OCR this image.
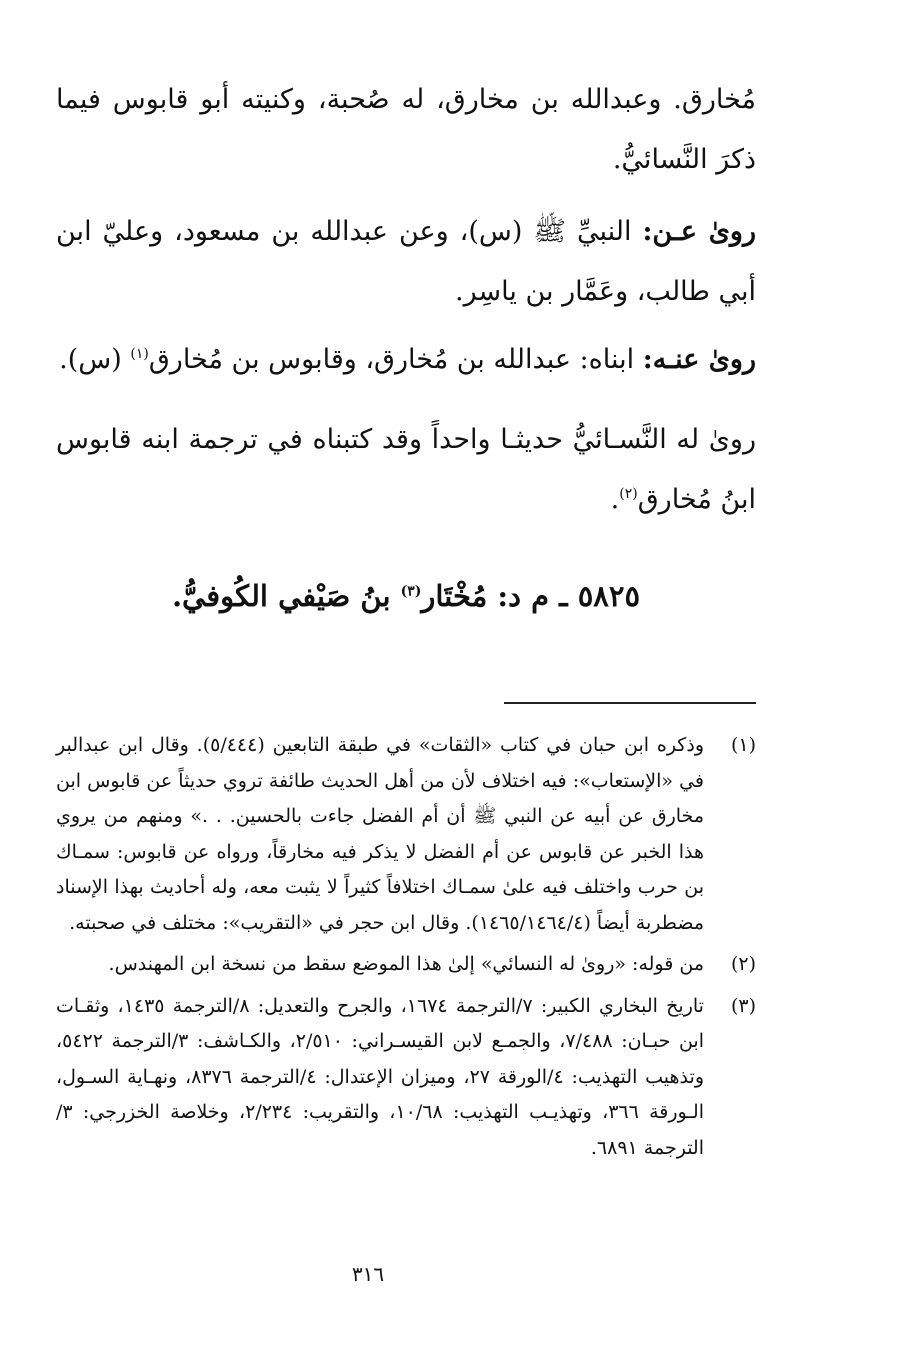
مُخارق. وعبدالله بن مخارق، له صُحبة، وكنيته أبو قابوس فيما ذكرَ النَّسائيُّ.

روىٰ عـن: النبيِّ ﷺ (س)، وعن عبدالله بن مسعود، وعليّ ابن أبي طالب، وعَمَّار بن ياسِر.

روىٰ عنـه: ابناه: عبدالله بن مُخارق، وقابوس بن مُخارق$^{(١)}$ (س).

روىٰ له النَّسـائيُّ حديثـا واحداً وقد كتبناه في ترجمة ابنه قابوس ابنُ مُخارق$^{(٢)}$.

٥٨٢٥ ـ م د: مُخْتَار$^{(٣)}$ بنُ صَيْفي الكُوفيُّ.

(١)
وذكره ابن حبان في كتاب «الثقات» في طبقة التابعين (٥/٤٤٤). وقال ابن عبدالبر في «الإستعاب»: فيه اختلاف لأن من أهل الحديث طائفة تروي حديثاً عن قابوس ابن مخارق عن أبيه عن النبي ﷺ أن أم الفضل جاءت بالحسين. . .» ومنهم من يروي هذا الخبر عن قابوس عن أم الفضل لا يذكر فيه مخارقاً، ورواه عن قابوس: سمـاك بن حرب واختلف فيه علىٰ سمـاك اختلافاً كثيراً لا يثبت معه، وله أحاديث بهذا الإسناد مضطربة أيضاً (١٤٦٥/١٤٦٤/٤). وقال ابن حجر في «التقريب»: مختلف في صحبته.
(٢)
من قوله: «روىٰ له النسائي» إلىٰ هذا الموضع سقط من نسخة ابن المهندس.
(٣)
تاريخ البخاري الكبير: ٧/الترجمة ١٦٧٤، والجرح والتعديل: ٨/الترجمة ١٤٣٥، وثقـات ابن حبـان: ٧/٤٨٨، والجمـع لابن القيسـراني: ٢/٥١٠، والكـاشف: ٣/الترجمة ٥٤٢٢، وتذهيب التهذيب: ٤/الورقة ٢٧، وميزان الإعتدال: ٤/الترجمة ٨٣٧٦، ونهـاية السـول، الـورقة ٣٦٦، وتهذيـب التهذيب: ١٠/٦٨، والتقريب: ٢/٢٣٤، وخلاصة الخزرجي: ٣/الترجمة ٦٨٩١.
٣١٦
